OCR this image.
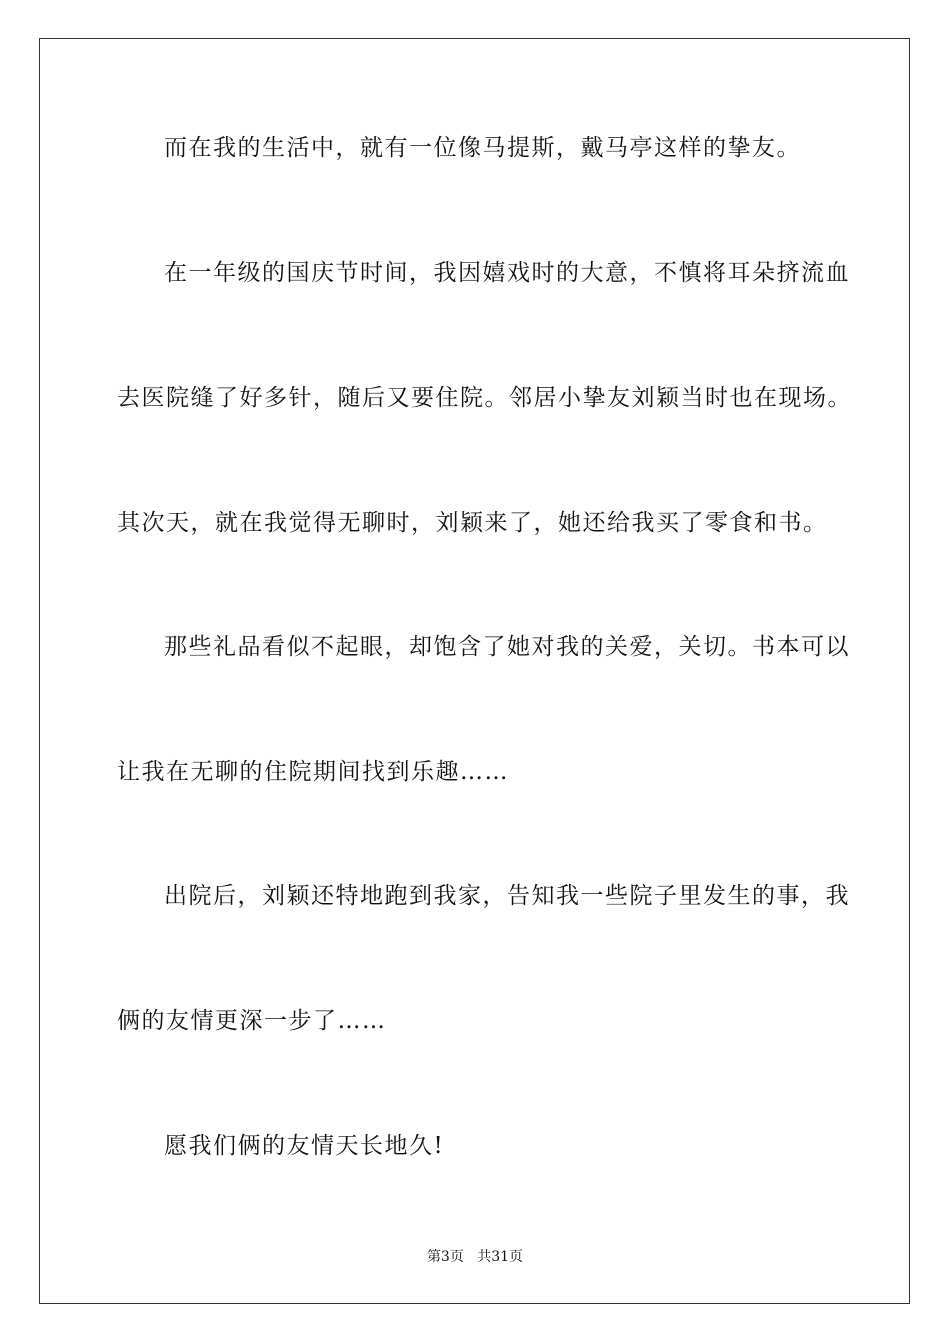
而在我的生活中，就有一位像马提斯，戴马亭这样的挚友。

在一年级的国庆节时间，我因嬉戏时的大意，不慎将耳朵挤流血

去医院缝了好多针，随后又要住院。邻居小挚友刘颖当时也在现场。

其次天，就在我觉得无聊时，刘颖来了，她还给我买了零食和书。

那些礼品看似不起眼，却饱含了她对我的关爱，关切。书本可以

让我在无聊的住院期间找到乐趣……

出院后，刘颖还特地跑到我家，告知我一些院子里发生的事，我

俩的友情更深一步了……

愿我们俩的友情天长地久!

第3页 共31页
